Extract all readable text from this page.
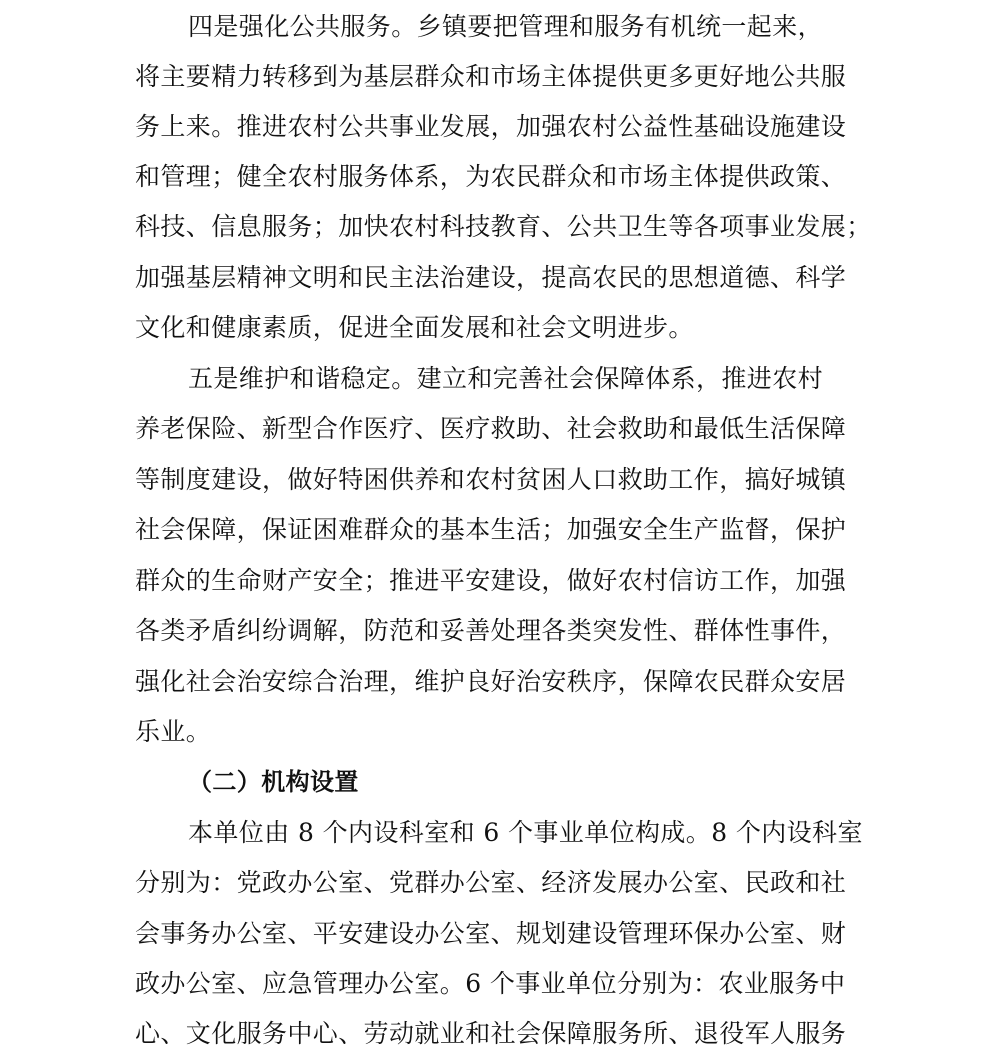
四是强化公共服务。乡镇要把管理和服务有机统一起来，
将主要精力转移到为基层群众和市场主体提供更多更好地公共服
务上来。推进农村公共事业发展，加强农村公益性基础设施建设
和管理；健全农村服务体系，为农民群众和市场主体提供政策、
科技、信息服务；加快农村科技教育、公共卫生等各项事业发展；
加强基层精神文明和民主法治建设，提高农民的思想道德、科学
文化和健康素质，促进全面发展和社会文明进步。
五是维护和谐稳定。建立和完善社会保障体系，推进农村
养老保险、新型合作医疗、医疗救助、社会救助和最低生活保障
等制度建设，做好特困供养和农村贫困人口救助工作，搞好城镇
社会保障，保证困难群众的基本生活；加强安全生产监督，保护
群众的生命财产安全；推进平安建设，做好农村信访工作，加强
各类矛盾纠纷调解，防范和妥善处理各类突发性、群体性事件，
强化社会治安综合治理，维护良好治安秩序，保障农民群众安居
乐业。
（二）机构设置
本单位由 8 个内设科室和 6 个事业单位构成。8 个内设科室
分别为：党政办公室、党群办公室、经济发展办公室、民政和社
会事务办公室、平安建设办公室、规划建设管理环保办公室、财
政办公室、应急管理办公室。6 个事业单位分别为：农业服务中
心、文化服务中心、劳动就业和社会保障服务所、退役军人服务
